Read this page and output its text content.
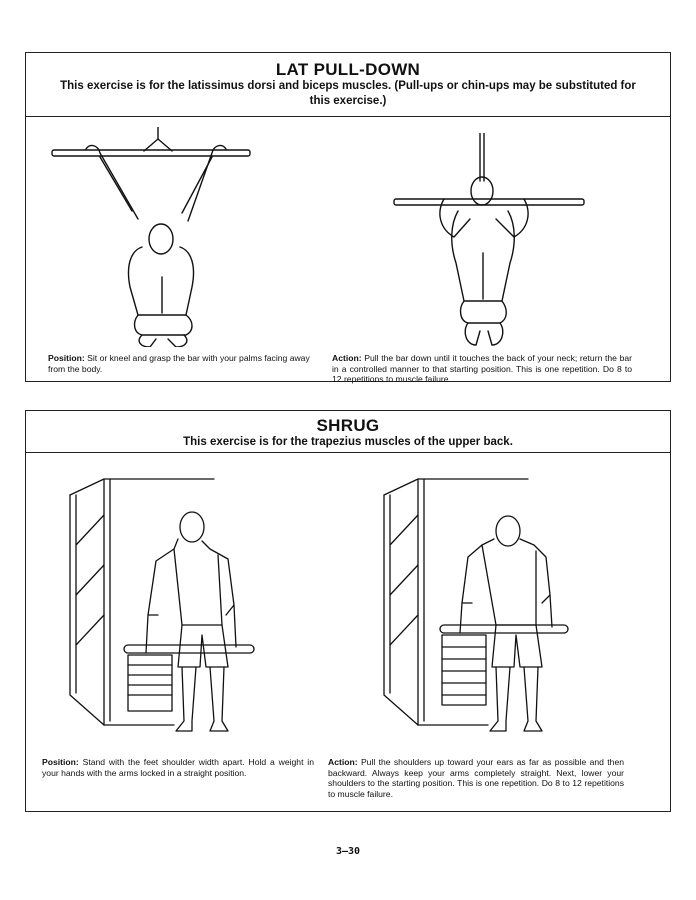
LAT PULL-DOWN
This exercise is for the latissimus dorsi and biceps muscles. (Pull-ups or chin-ups may be substituted for this exercise.)
Position: Sit or kneel and grasp the bar with your palms facing away from the body.
Action: Pull the bar down until it touches the back of your neck; return the bar in a controlled manner to that starting position. This is one repetition. Do 8 to 12 repetitions to muscle failure.
SHRUG
This exercise is for the trapezius muscles of the upper back.
Position: Stand with the feet shoulder width apart. Hold a weight in your hands with the arms locked in a straight position.
Action: Pull the shoulders up toward your ears as far as possible and then backward. Always keep your arms completely straight. Next, lower your shoulders to the starting position. This is one repetition. Do 8 to 12 repetitions to muscle failure.
3–30
